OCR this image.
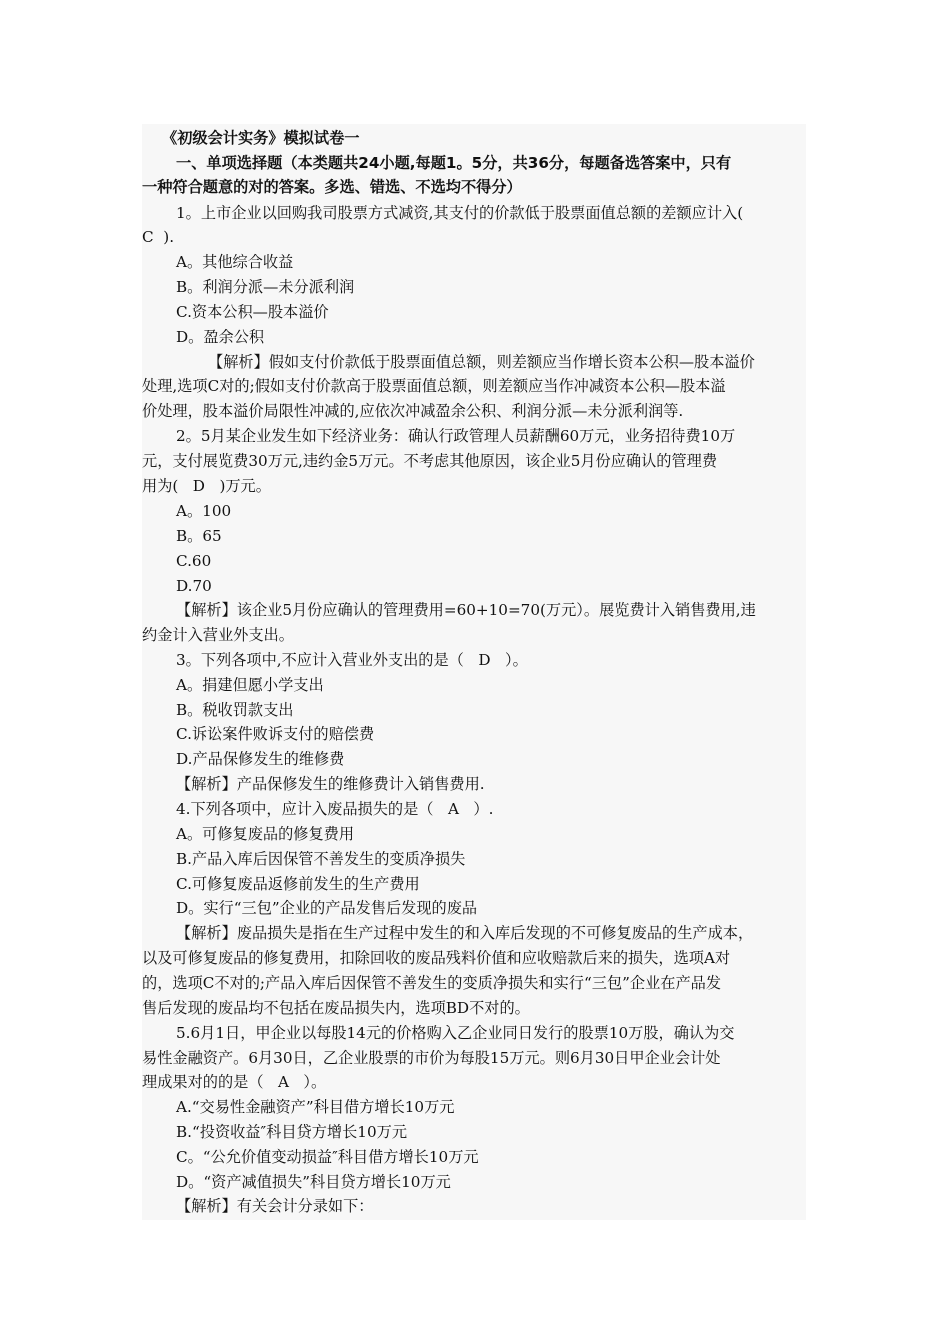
《初级会计实务》模拟试卷一
一、单项选择题（本类题共24小题,每题1。5分，共36分，每题备选答案中，只有
一种符合题意的对的答案。多选、错选、不选均不得分）
1。上市企业以回购我司股票方式减资,其支付的价款低于股票面值总额的差额应计入(
C  ).
A。其他综合收益
B。利润分派—未分派利润
C.资本公积—股本溢价
D。盈余公积
【解析】假如支付价款低于股票面值总额，则差额应当作增长资本公积—股本溢价
处理,选项C对的;假如支付价款高于股票面值总额，则差额应当作冲减资本公积—股本溢
价处理，股本溢价局限性冲减的,应依次冲减盈余公积、利润分派—未分派利润等.
2。5月某企业发生如下经济业务：确认行政管理人员薪酬60万元，业务招待费10万
元，支付展览费30万元,违约金5万元。不考虑其他原因，该企业5月份应确认的管理费
用为(   D   )万元。
A。100
B。65
C.60
D.70
【解析】该企业5月份应确认的管理费用=60+10=70(万元）。展览费计入销售费用,违
约金计入营业外支出。
3。下列各项中,不应计入营业外支出的是（   D   ）。
A。捐建但愿小学支出
B。税收罚款支出
C.诉讼案件败诉支付的赔偿费
D.产品保修发生的维修费
【解析】产品保修发生的维修费计入销售费用.
4.下列各项中，应计入废品损失的是（   A   ）.
A。可修复废品的修复费用
B.产品入库后因保管不善发生的变质净损失
C.可修复废品返修前发生的生产费用
D。实行“三包”企业的产品发售后发现的废品
【解析】废品损失是指在生产过程中发生的和入库后发现的不可修复废品的生产成本，
以及可修复废品的修复费用，扣除回收的废品残料价值和应收赔款后来的损失，选项A对
的，选项C不对的;产品入库后因保管不善发生的变质净损失和实行“三包”企业在产品发
售后发现的废品均不包括在废品损失内，选项BD不对的。
5.6月1日，甲企业以每股14元的价格购入乙企业同日发行的股票10万股，确认为交
易性金融资产。6月30日，乙企业股票的市价为每股15万元。则6月30日甲企业会计处
理成果对的的是（   A   ）。
A.“交易性金融资产”科目借方增长10万元
B.“投资收益″科目贷方增长10万元
C。“公允价值变动损益″科目借方增长10万元
D。“资产减值损失”科目贷方增长10万元
【解析】有关会计分录如下：
